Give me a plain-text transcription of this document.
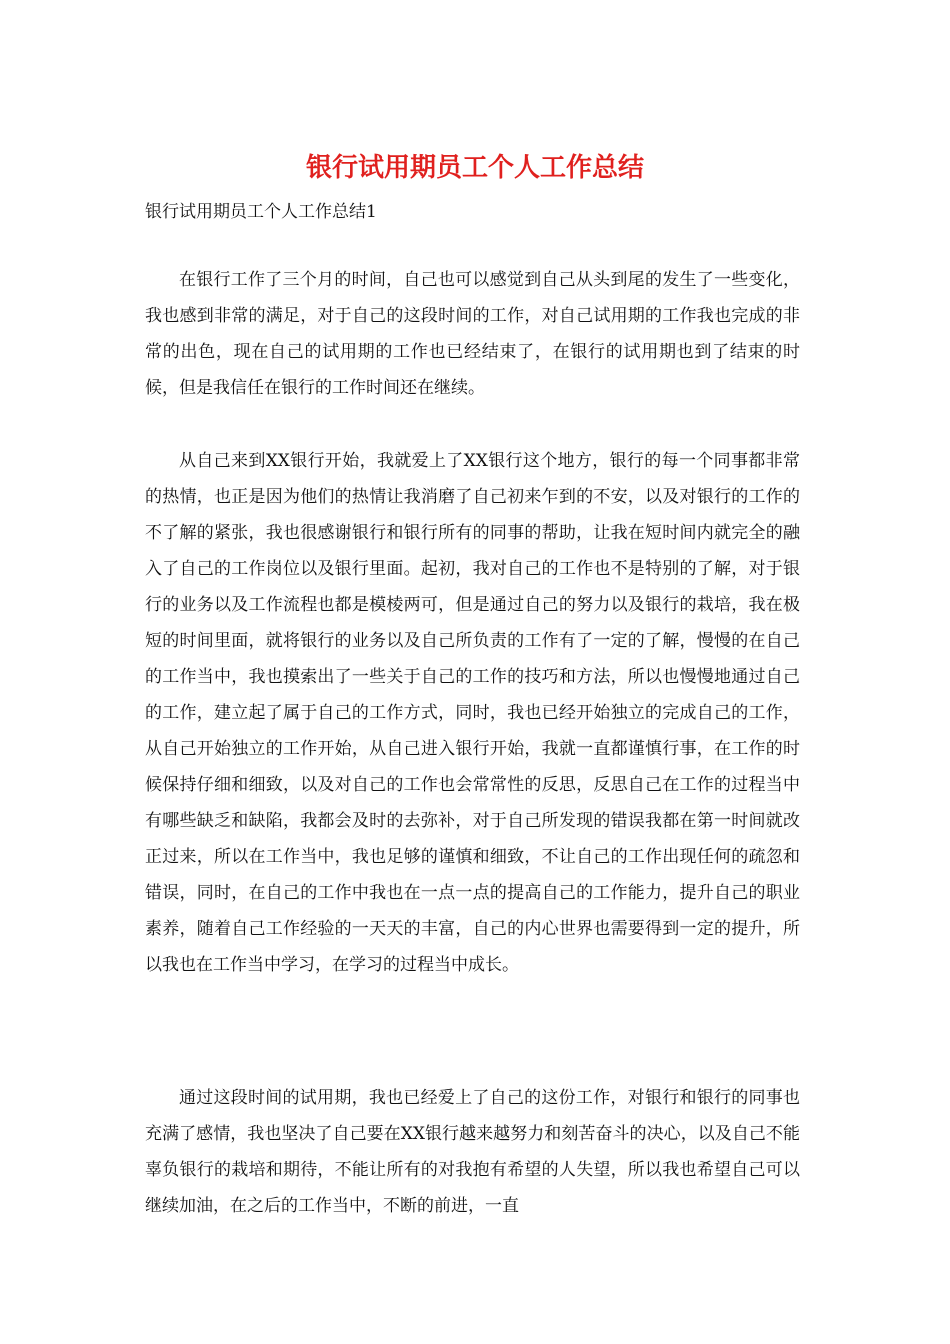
银行试用期员工个人工作总结

银行试用期员工个人工作总结1

在银行工作了三个月的时间，自己也可以感觉到自己从头到尾的发生了一些变化，我也感到非常的满足，对于自己的这段时间的工作，对自己试用期的工作我也完成的非常的出色，现在自己的试用期的工作也已经结束了，在银行的试用期也到了结束的时候，但是我信任在银行的工作时间还在继续。

从自己来到XX银行开始，我就爱上了XX银行这个地方，银行的每一个同事都非常的热情，也正是因为他们的热情让我消磨了自己初来乍到的不安，以及对银行的工作的不了解的紧张，我也很感谢银行和银行所有的同事的帮助，让我在短时间内就完全的融入了自己的工作岗位以及银行里面。起初，我对自己的工作也不是特别的了解，对于银行的业务以及工作流程也都是模棱两可，但是通过自己的努力以及银行的栽培，我在极短的时间里面，就将银行的业务以及自己所负责的工作有了一定的了解，慢慢的在自己的工作当中，我也摸索出了一些关于自己的工作的技巧和方法，所以也慢慢地通过自己的工作，建立起了属于自己的工作方式，同时，我也已经开始独立的完成自己的工作，从自己开始独立的工作开始，从自己进入银行开始，我就一直都谨慎行事，在工作的时候保持仔细和细致，以及对自己的工作也会常常性的反思，反思自己在工作的过程当中有哪些缺乏和缺陷，我都会及时的去弥补，对于自己所发现的错误我都在第一时间就改正过来，所以在工作当中，我也足够的谨慎和细致，不让自己的工作出现任何的疏忽和错误，同时，在自己的工作中我也在一点一点的提高自己的工作能力，提升自己的职业素养，随着自己工作经验的一天天的丰富，自己的内心世界也需要得到一定的提升，所以我也在工作当中学习，在学习的过程当中成长。

通过这段时间的试用期，我也已经爱上了自己的这份工作，对银行和银行的同事也充满了感情，我也坚决了自己要在XX银行越来越努力和刻苦奋斗的决心，以及自己不能辜负银行的栽培和期待，不能让所有的对我抱有希望的人失望，所以我也希望自己可以继续加油，在之后的工作当中，不断的前进，一直
